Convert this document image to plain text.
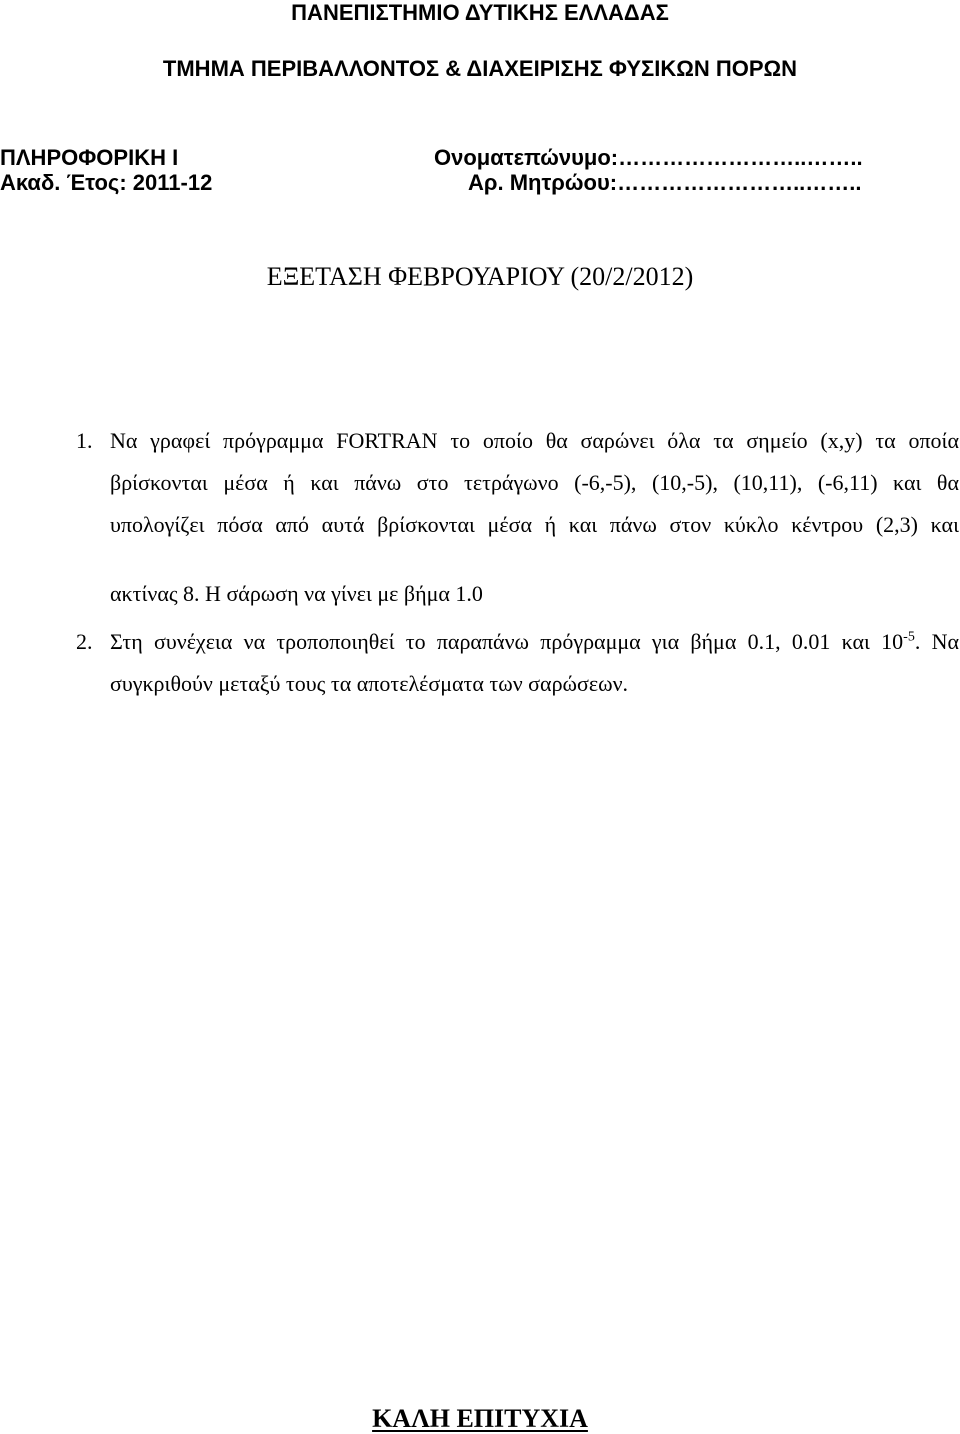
ΠΑΝΕΠΙΣΤΗΜΙΟ ΔΥΤΙΚΗΣ ΕΛΛΑΔΑΣ
ΤΜΗΜΑ ΠΕΡΙΒΑΛΛΟΝΤΟΣ & ΔΙΑΧΕΙΡΙΣΗΣ ΦΥΣΙΚΩΝ ΠΟΡΩΝ
ΠΛΗΡΟΦΟΡΙΚΗ Ι
Ακαδ. Έτος: 2011-12
Ονοματεπώνυμο:……………………..……..
Αρ. Μητρώου:……………………..……..
ΕΞΕΤΑΣΗ ΦΕΒΡΟΥΑΡΙΟΥ (20/2/2012)
1. Να γραφεί πρόγραμμα FORTRAN το οποίο θα σαρώνει όλα τα σημείο (x,y) τα οποία
βρίσκονται μέσα ή και πάνω στο τετράγωνο (-6,-5), (10,-5), (10,11), (-6,11) και θα
υπολογίζει πόσα από αυτά βρίσκονται μέσα ή και πάνω στον κύκλο κέντρου (2,3) και
ακτίνας 8. Η σάρωση να γίνει με βήμα 1.0
2. Στη συνέχεια να τροποποιηθεί το παραπάνω πρόγραμμα για βήμα 0.1, 0.01 και $10^{-5}$. Να
συγκριθούν μεταξύ τους τα αποτελέσματα των σαρώσεων.
ΚΑΛΗ ΕΠΙΤΥΧΙΑ
